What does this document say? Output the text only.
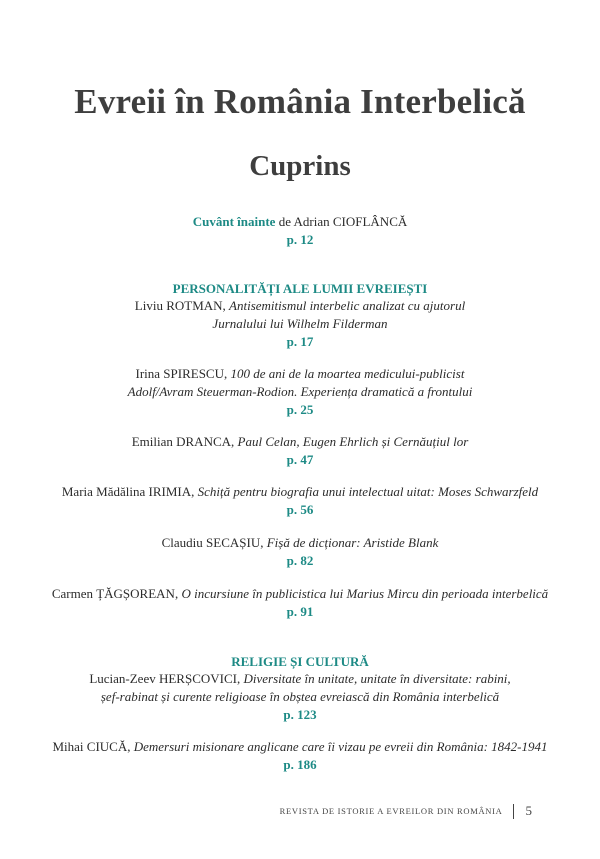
Evreii în România Interbelică
Cuprins
Cuvânt înainte de Adrian CIOFLÂNCĂ
p. 12
PERSONALITĂȚI ALE LUMII EVREIEȘTI
Liviu ROTMAN, Antisemitismul interbelic analizat cu ajutorul
Jurnalului lui Wilhelm Filderman
p. 17
Irina SPIRESCU, 100 de ani de la moartea medicului-publicist
Adolf/Avram Steuerman-Rodion. Experiența dramatică a frontului
p. 25
Emilian DRANCA, Paul Celan, Eugen Ehrlich și Cernăuțiul lor
p. 47
Maria Mădălina IRIMIA, Schiță pentru biografia unui intelectual uitat: Moses Schwarzfeld
p. 56
Claudiu SECAȘIU, Fișă de dicționar: Aristide Blank
p. 82
Carmen ȚĂGȘOREAN, O incursiune în publicistica lui Marius Mircu din perioada interbelică
p. 91
RELIGIE ȘI CULTURĂ
Lucian-Zeev HERȘCOVICI, Diversitate în unitate, unitate în diversitate: rabini,
șef-rabinat și curente religioase în obștea evreiască din România interbelică
p. 123
Mihai CIUCĂ, Demersuri misionare anglicane care îi vizau pe evreii din România: 1842-1941
p. 186
REVISTA DE ISTORIE A EVREILOR DIN ROMÂNIA 5
